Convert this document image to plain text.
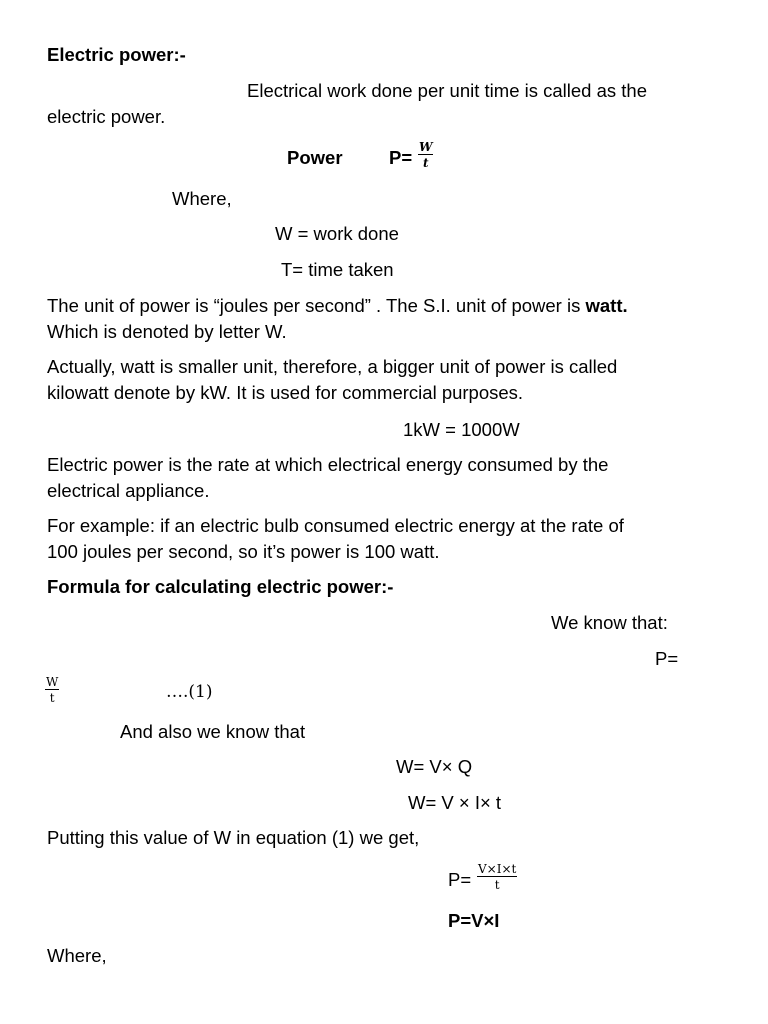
Electric power:-
Electrical work done per unit time is called as the
electric power.
Power	P= W
t
Where,
W = work done
T= time taken
The unit of power is “joules per second” . The S.I. unit of power is watt.
Which is denoted by letter W.
Actually, watt is smaller unit, therefore, a bigger unit of power is called
kilowatt denote by kW. It is used for commercial purposes.
1kW = 1000W
Electric power is the rate at which electrical energy consumed by the
electrical appliance.
For example: if an electric bulb consumed electric energy at the rate of
100 joules per second, so it’s power is 100 watt.
Formula for calculating electric power:-
We know that:
P=
W
t	….(1)
And also we know that
W= V× Q
W= V × I× t
Putting this value of W in equation (1) we get,
P= V×I×t
t
P=V×I
Where,
